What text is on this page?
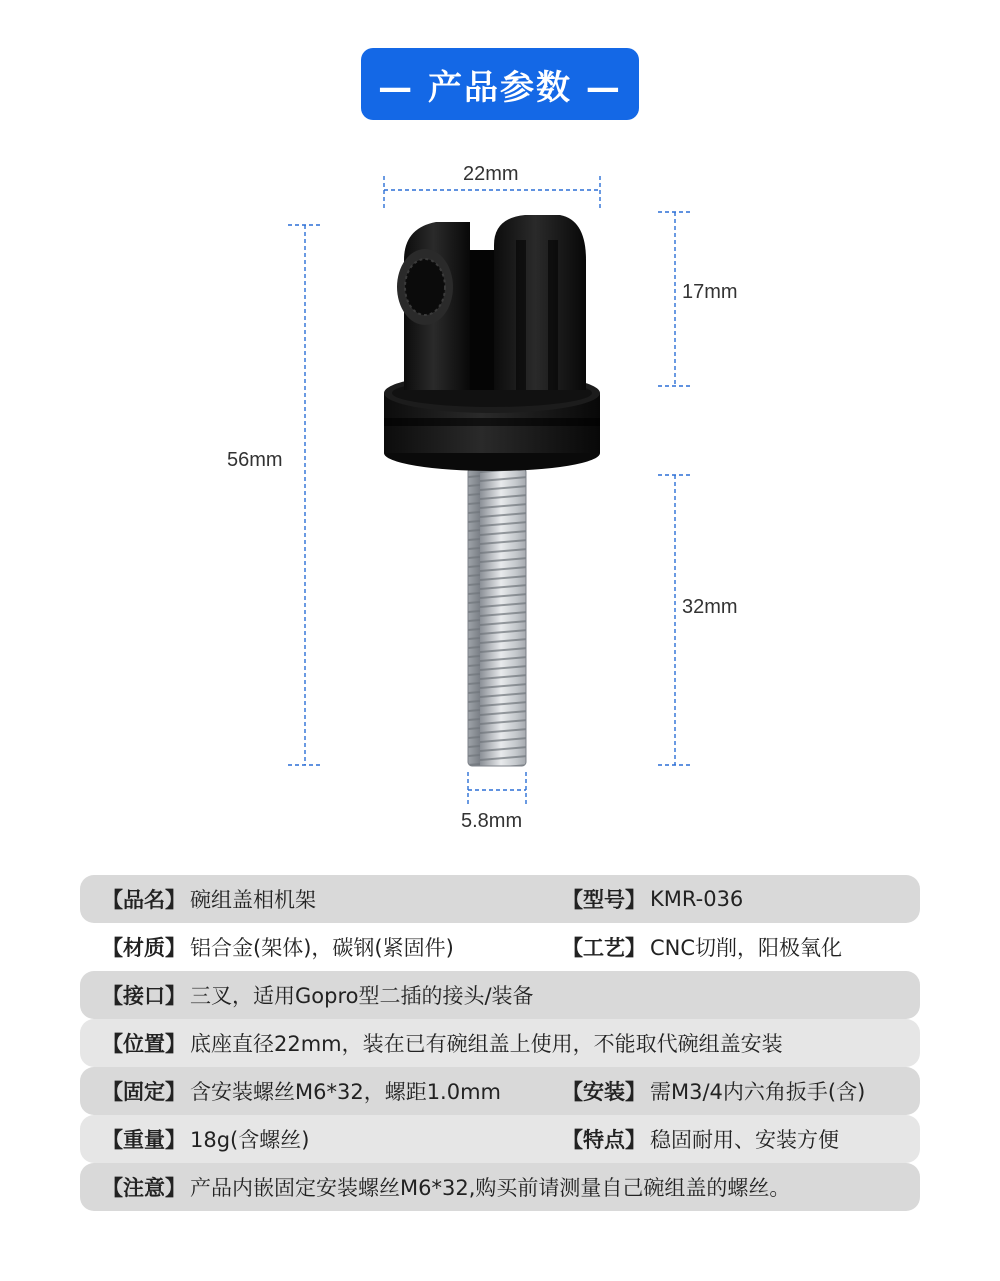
— 产品参数 —
22mm
56mm
17mm
32mm
5.8mm
【品名】 碗组盖相机架	【型号】 KMR-036
【材质】 铝合金(架体)，碳钢(紧固件)	【工艺】 CNC切削，阳极氧化
【接口】 三叉，适用Gopro型二插的接头/装备
【位置】 底座直径22mm，装在已有碗组盖上使用，不能取代碗组盖安装
【固定】 含安装螺丝M6*32，螺距1.0mm	【安装】 需M3/4内六角扳手(含)
【重量】 18g(含螺丝)	【特点】 稳固耐用、安装方便
【注意】 产品内嵌固定安装螺丝M6*32,购买前请测量自己碗组盖的螺丝。
